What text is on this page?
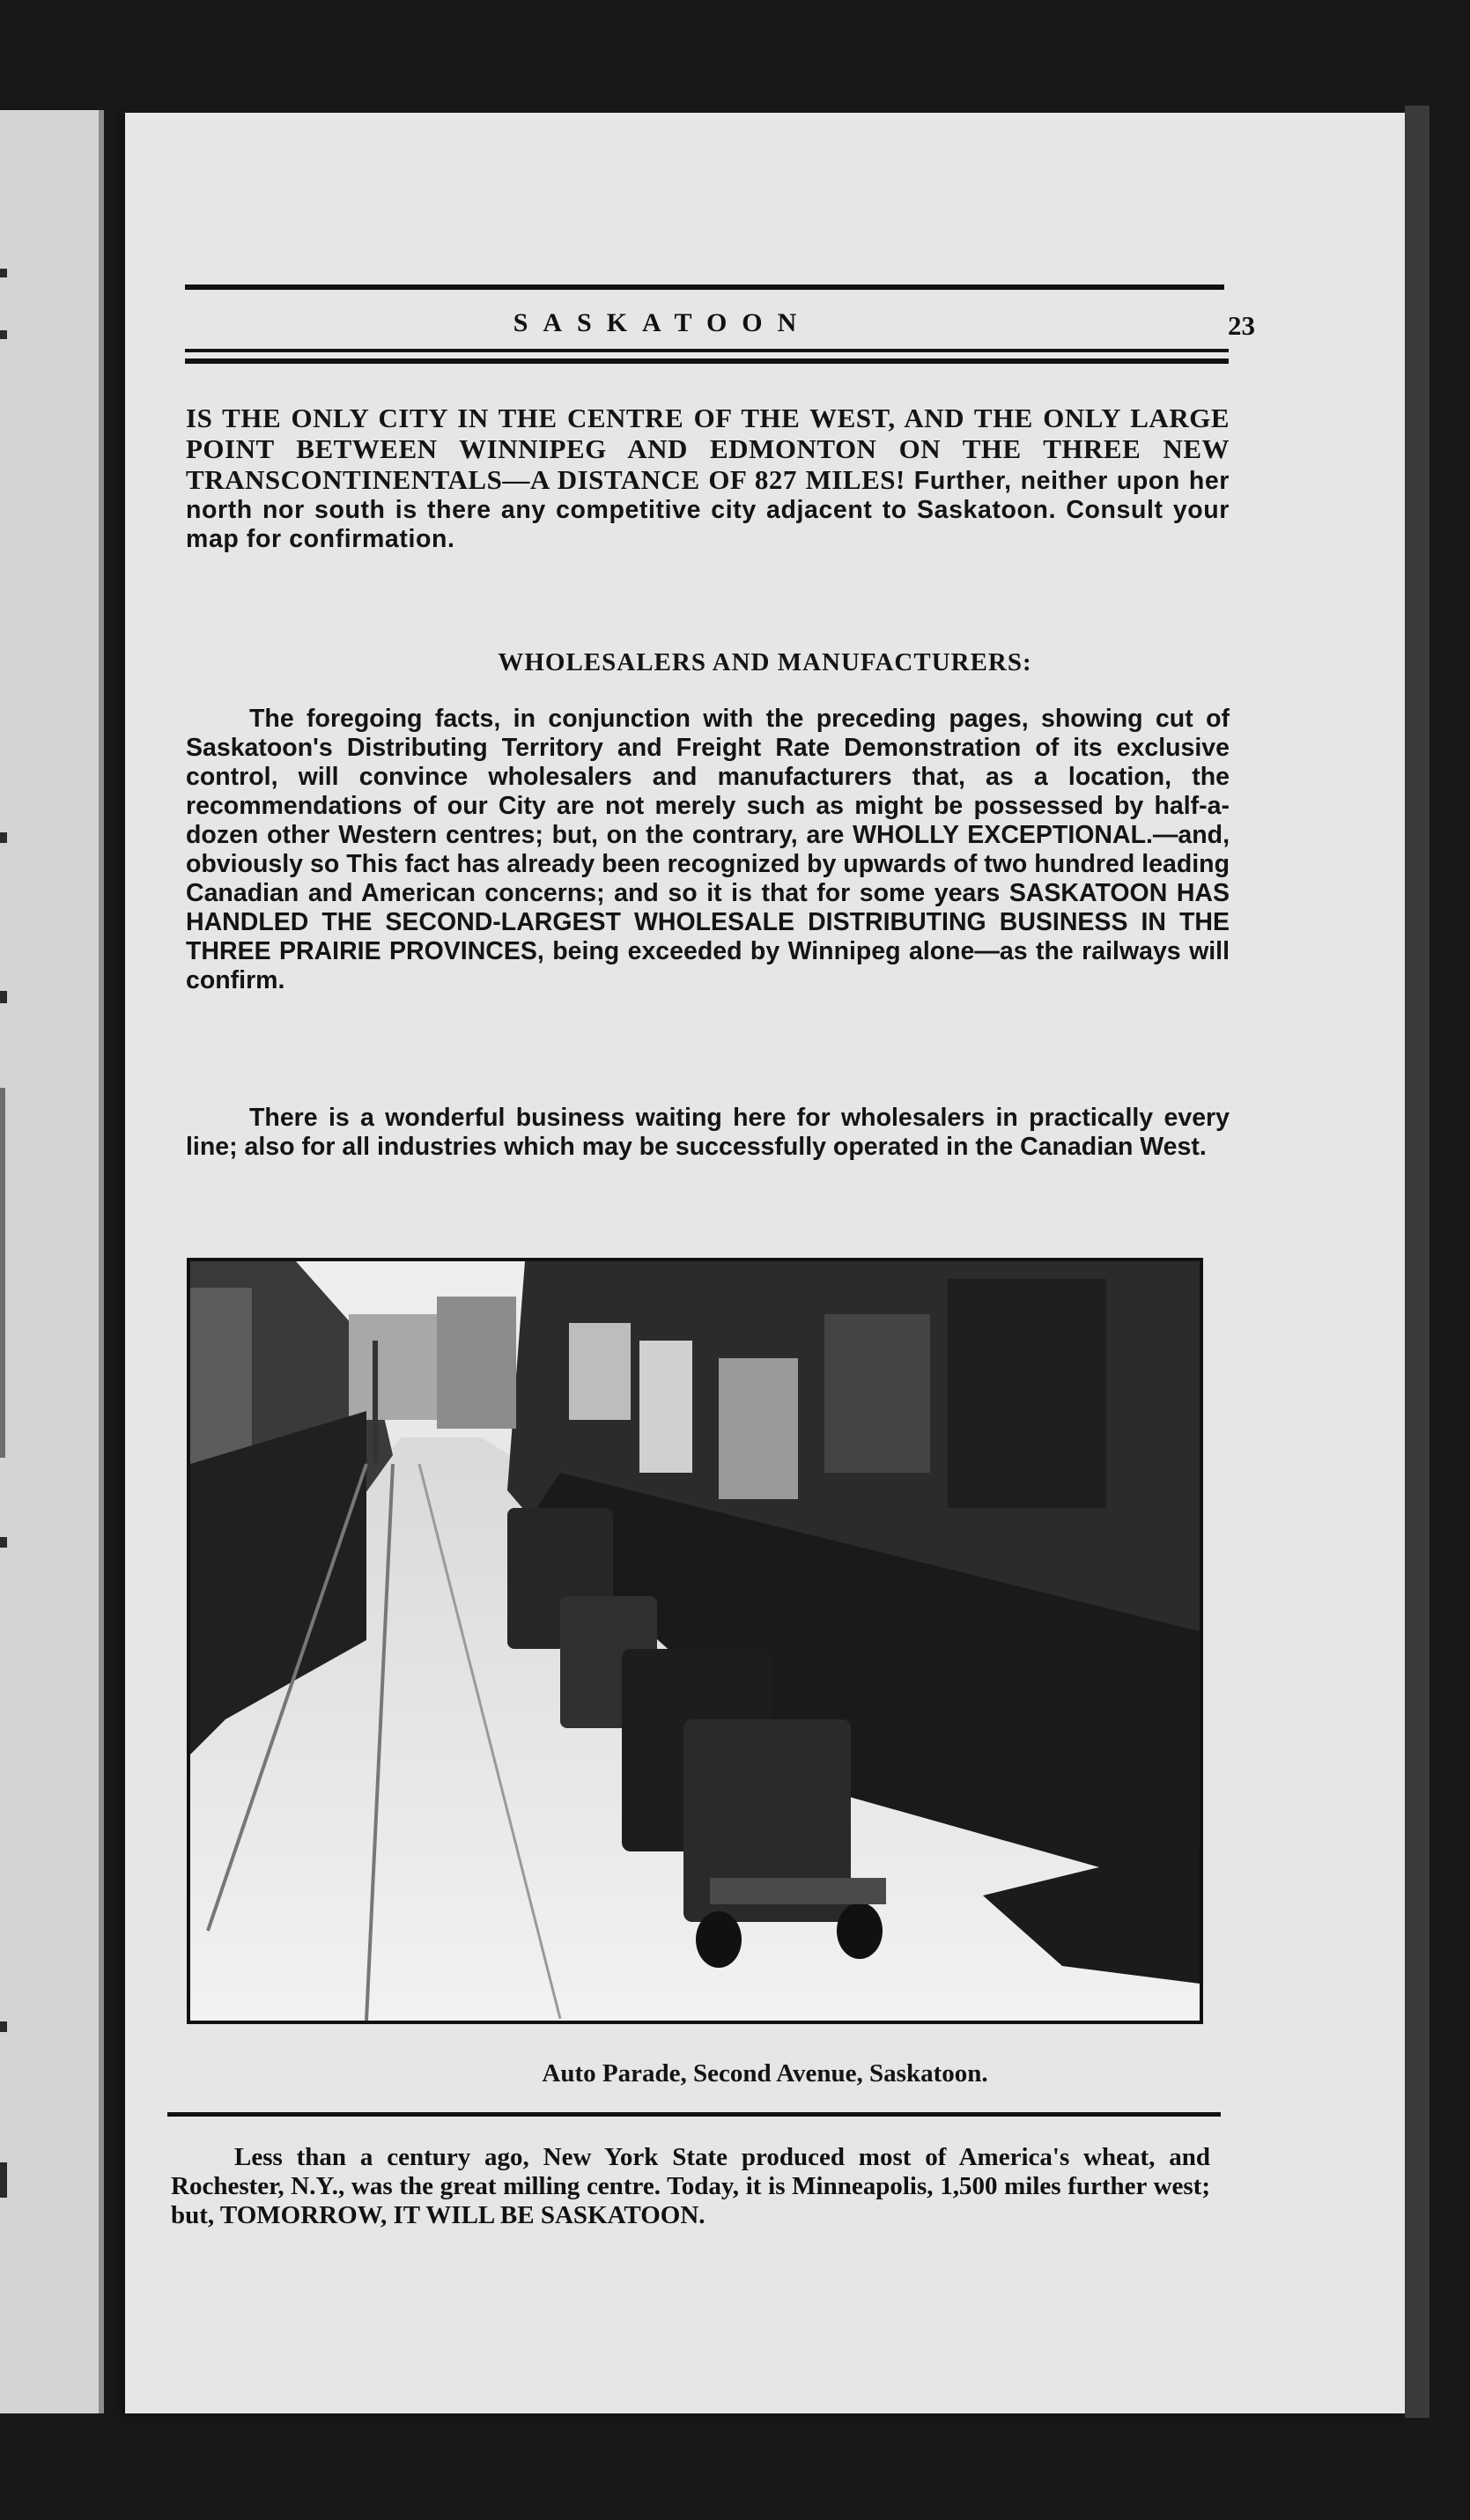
SASKATOON	23
IS THE ONLY CITY IN THE CENTRE OF THE WEST, AND THE ONLY LARGE POINT BETWEEN WINNIPEG AND EDMONTON ON THE THREE NEW TRANSCONTINENTALS—A DISTANCE OF 827 MILES! Further, neither upon her north nor south is there any competitive city adjacent to Saskatoon. Consult your map for confirmation.
WHOLESALERS AND MANUFACTURERS:
The foregoing facts, in conjunction with the preceding pages, showing cut of Saskatoon's Distributing Territory and Freight Rate Demonstration of its exclusive control, will convince wholesalers and manufacturers that, as a location, the recommendations of our City are not merely such as might be possessed by half-a-dozen other Western centres; but, on the contrary, are WHOLLY EXCEPTIONAL.—and, obviously so This fact has already been recognized by upwards of two hundred leading Canadian and American concerns; and so it is that for some years SASKATOON HAS HANDLED THE SECOND-LARGEST WHOLESALE DISTRIBUTING BUSINESS IN THE THREE PRAIRIE PROVINCES, being exceeded by Winnipeg alone—as the railways will confirm.
There is a wonderful business waiting here for wholesalers in practically every line; also for all industries which may be successfully operated in the Canadian West.
Auto Parade, Second Avenue, Saskatoon.
Less than a century ago, New York State produced most of America's wheat, and Rochester, N.Y., was the great milling centre. Today, it is Minneapolis, 1,500 miles further west; but, TOMORROW, IT WILL BE SASKATOON.
